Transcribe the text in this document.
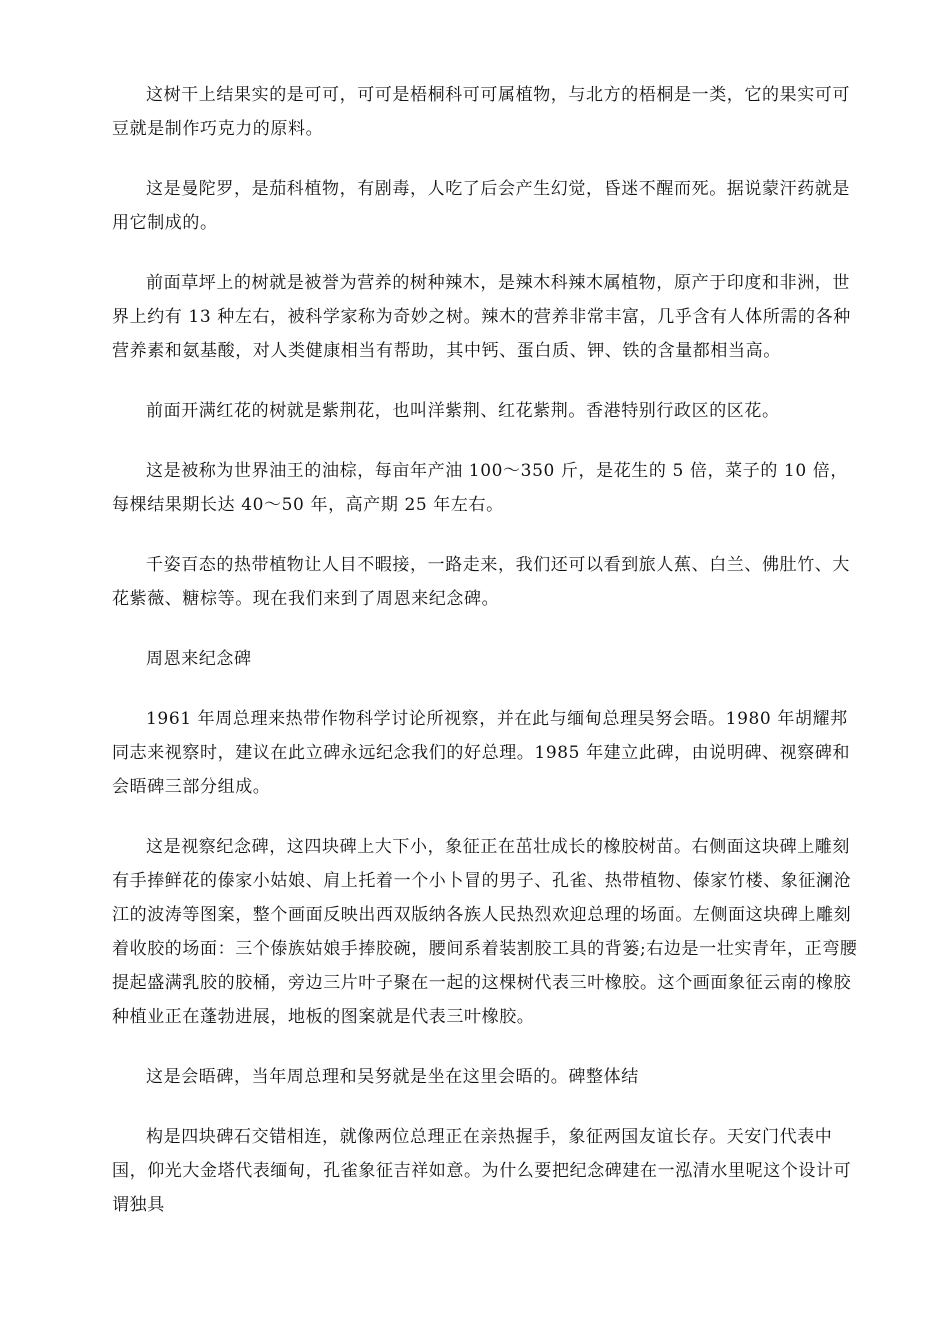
这树干上结果实的是可可，可可是梧桐科可可属植物，与北方的梧桐是一类，它的果实可可豆就是制作巧克力的原料。

这是曼陀罗，是茄科植物，有剧毒，人吃了后会产生幻觉，昏迷不醒而死。据说蒙汗药就是用它制成的。

前面草坪上的树就是被誉为营养的树种辣木，是辣木科辣木属植物，原产于印度和非洲，世界上约有 13 种左右，被科学家称为奇妙之树。辣木的营养非常丰富，几乎含有人体所需的各种营养素和氨基酸，对人类健康相当有帮助，其中钙、蛋白质、钾、铁的含量都相当高。

前面开满红花的树就是紫荆花，也叫洋紫荆、红花紫荆。香港特别行政区的区花。

这是被称为世界油王的油棕，每亩年产油 100～350 斤，是花生的 5 倍，菜子的 10 倍，每棵结果期长达 40～50 年，高产期 25 年左右。

千姿百态的热带植物让人目不暇接，一路走来，我们还可以看到旅人蕉、白兰、佛肚竹、大花紫薇、糖棕等。现在我们来到了周恩来纪念碑。

周恩来纪念碑

1961 年周总理来热带作物科学讨论所视察，并在此与缅甸总理吴努会晤。1980 年胡耀邦同志来视察时，建议在此立碑永远纪念我们的好总理。1985 年建立此碑，由说明碑、视察碑和会晤碑三部分组成。

这是视察纪念碑，这四块碑上大下小，象征正在茁壮成长的橡胶树苗。右侧面这块碑上雕刻有手捧鲜花的傣家小姑娘、肩上托着一个小卜冒的男子、孔雀、热带植物、傣家竹楼、象征澜沧江的波涛等图案，整个画面反映出西双版纳各族人民热烈欢迎总理的场面。左侧面这块碑上雕刻着收胶的场面：三个傣族姑娘手捧胶碗，腰间系着装割胶工具的背篓;右边是一壮实青年，正弯腰提起盛满乳胶的胶桶，旁边三片叶子聚在一起的这棵树代表三叶橡胶。这个画面象征云南的橡胶种植业正在蓬勃进展，地板的图案就是代表三叶橡胶。

这是会晤碑，当年周总理和吴努就是坐在这里会晤的。碑整体结

构是四块碑石交错相连，就像两位总理正在亲热握手，象征两国友谊长存。天安门代表中国，仰光大金塔代表缅甸，孔雀象征吉祥如意。为什么要把纪念碑建在一泓清水里呢这个设计可谓独具
